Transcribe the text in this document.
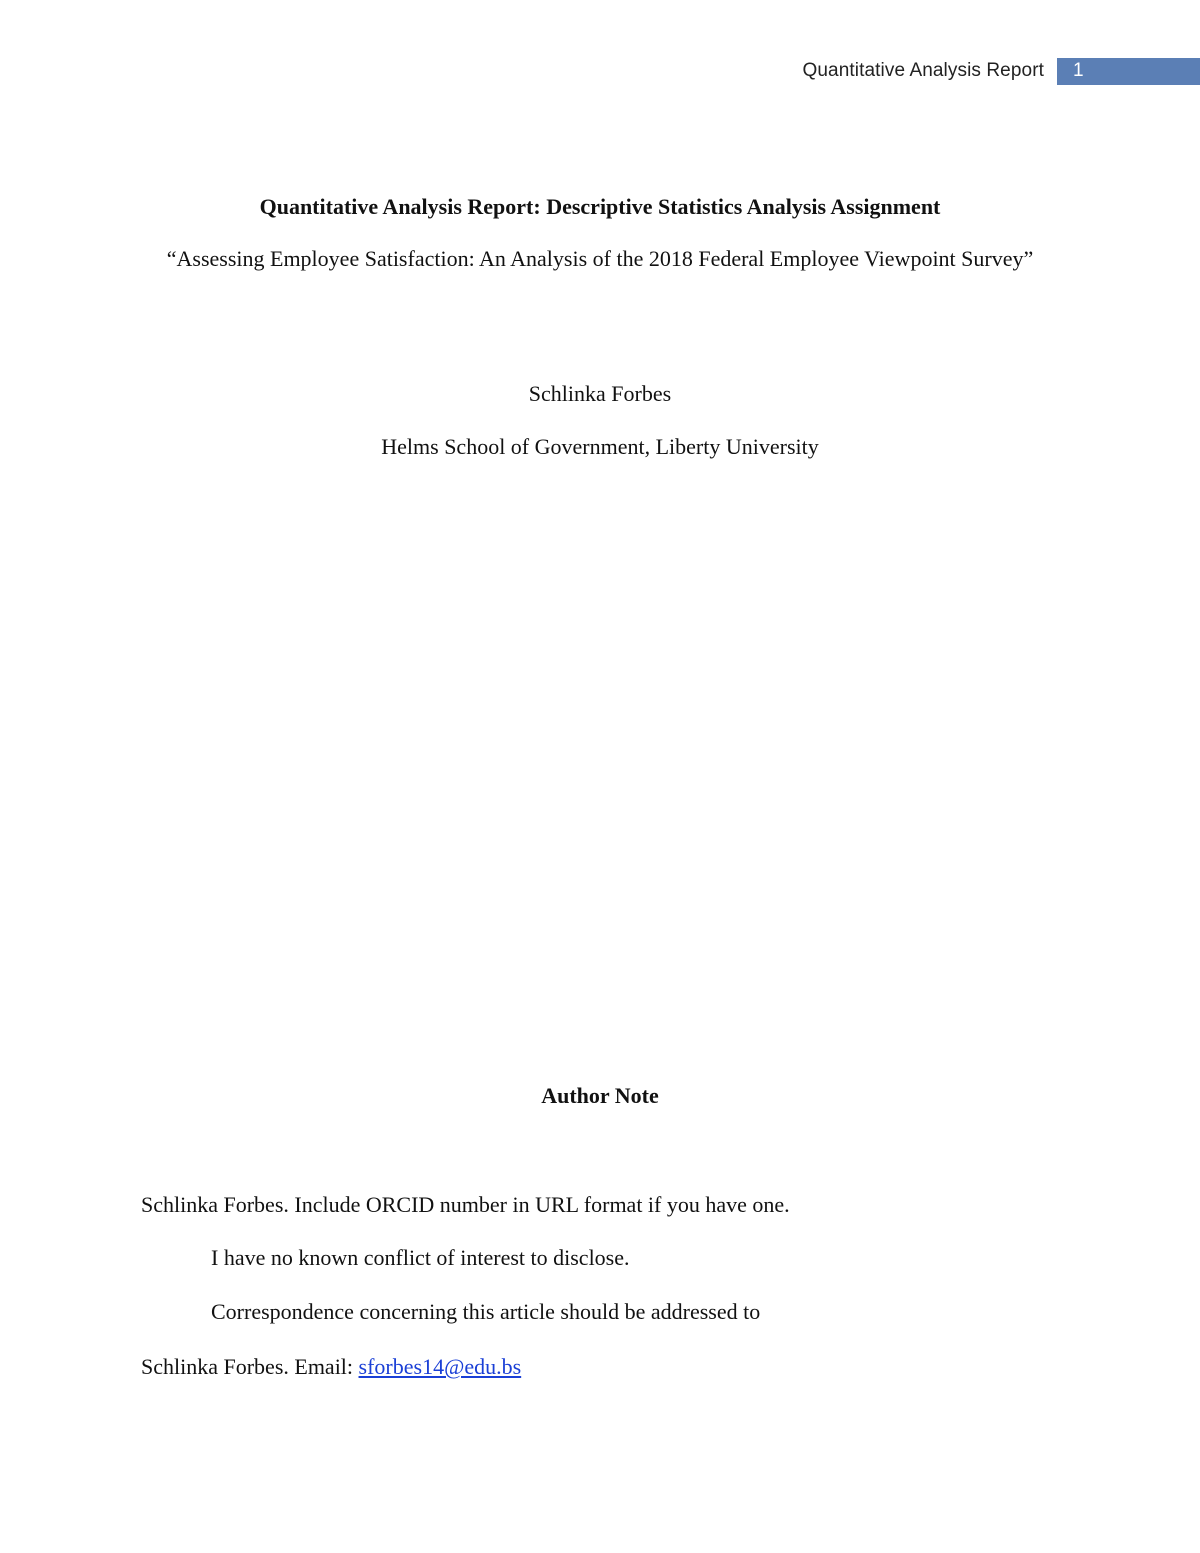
Quantitative Analysis Report 1
Quantitative Analysis Report: Descriptive Statistics Analysis Assignment
“Assessing Employee Satisfaction: An Analysis of the 2018 Federal Employee Viewpoint Survey”
Schlinka Forbes
Helms School of Government, Liberty University
Author Note
Schlinka Forbes. Include ORCID number in URL format if you have one.
I have no known conflict of interest to disclose.
Correspondence concerning this article should be addressed to
Schlinka Forbes. Email: sforbes14@edu.bs
